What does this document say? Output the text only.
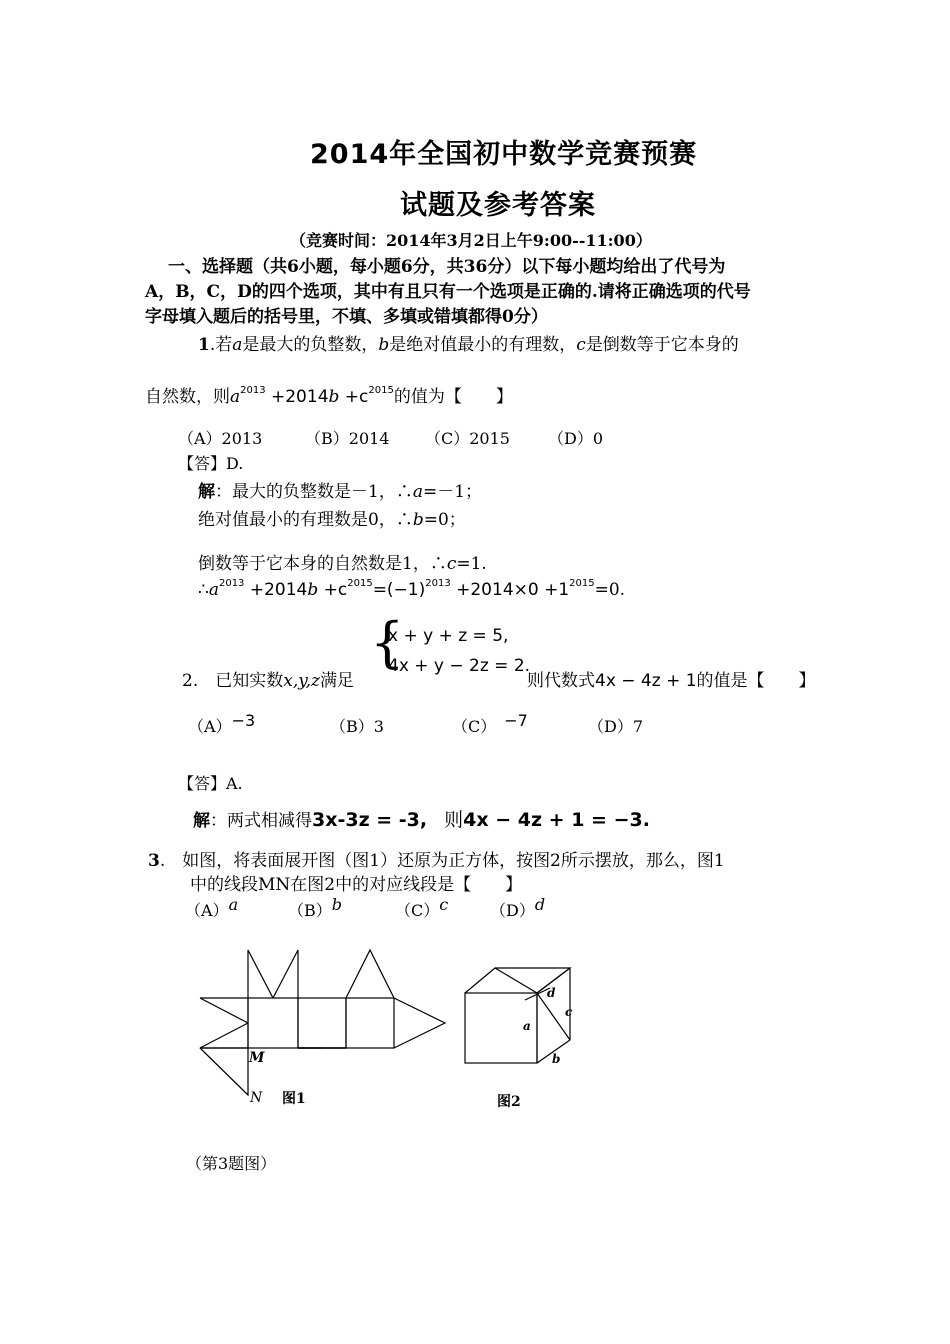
2014年全国初中数学竞赛预赛
试题及参考答案
（竞赛时间：2014年3月2日上午9:00--11:00）
一、选择题（共6小题，每小题6分，共36分）以下每小题均给出了代号为
A，B，C，D的四个选项，其中有且只有一个选项是正确的.请将正确选项的代号
字母填入题后的括号里，不填、多填或错填都得0分）
1.若a是最大的负整数，b是绝对值最小的有理数，c是倒数等于它本身的
自然数，则$a^{2013} +2014b +c^{2015}$的值为【　　】
（A）2013	（B）2014 （C）2015 （D）0
【答】D.
解：最大的负整数是－1，∴a=－1；
绝对值最小的有理数是0，∴b=0；
倒数等于它本身的自然数是1，∴c=1.
$\therefore a^{2013} +2014b +c^{2015}=(-1)^{2013} +2014\times 0 +1^{2015}=0$.
{
x + y + z = 5,
4x + y − 2z = 2.
2.　 已知实数x,y,z满足	则代数式4x − 4z + 1的值是【　　】
（A）−3	（B）3	（C）　 −7	（D）7
【答】A.
解：两式相减得3x-3z = -3,　 则4x − 4z + 1 = −3.
3.　如图，将表面展开图（图1）还原为正方体，按图2所示摆放，那么，图1
中的线段MN在图2中的对应线段是【　　】
（A）a	（B）b	（C）c	（D）d
M
N 图1
a
b
c
d
图2
（第3题图）
